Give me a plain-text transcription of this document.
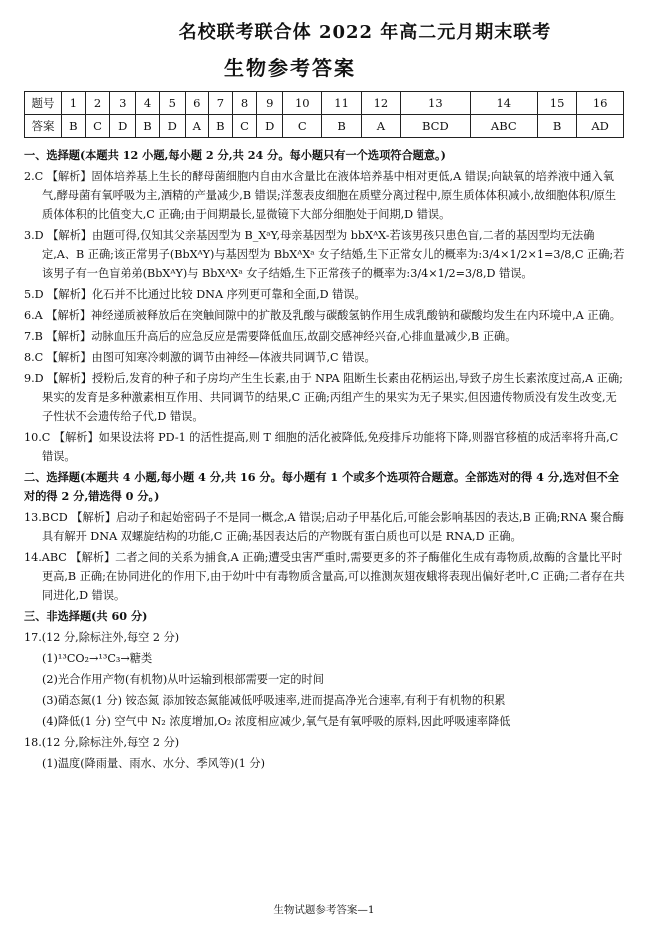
名校联考联合体 2022 年高二元月期末联考
生物参考答案
题号	1	2	3	4	5	6	7	8	9	10	11	12	13	14	15	16
答案	B	C	D	B	D	A	B	C	D	C	B	A	BCD	ABC	B	AD
一、选择题(本题共 12 小题,每小题 2 分,共 24 分。每小题只有一个选项符合题意。)
2.C 【解析】固体培养基上生长的酵母菌细胞内自由水含量比在液体培养基中相对更低,A 错误;向缺氧的培养液中通入氧气,酵母菌有氧呼吸为主,酒精的产量减少,B 错误;洋葱表皮细胞在质壁分离过程中,原生质体体积减小,故细胞体积/原生质体体积的比值变大,C 正确;由于间期最长,显微镜下大部分细胞处于间期,D 错误。
3.D 【解析】由题可得,仅知其父亲基因型为 B_XᵃY,母亲基因型为 bbXᴬX-若该男孩只患色盲,二者的基因型均无法确定,A、B 正确;该正常男子(BbXᴬY)与基因型为 BbXᴬXᵃ 女子结婚,生下正常女儿的概率为:3/4×1/2×1=3/8,C 正确;若该男子有一色盲弟弟(BbXᴬY)与 BbXᴬXᵃ 女子结婚,生下正常孩子的概率为:3/4×1/2=3/8,D 错误。
5.D 【解析】化石并不比通过比较 DNA 序列更可靠和全面,D 错误。
6.A 【解析】神经递质被释放后在突触间隙中的扩散及乳酸与碳酸氢钠作用生成乳酸钠和碳酸均发生在内环境中,A 正确。
7.B 【解析】动脉血压升高后的应急反应是需要降低血压,故副交感神经兴奋,心排血量减少,B 正确。
8.C 【解析】由图可知寒冷刺激的调节由神经—体液共同调节,C 错误。
9.D 【解析】授粉后,发育的种子和子房均产生生长素,由于 NPA 阻断生长素由花柄运出,导致子房生长素浓度过高,A 正确;果实的发育是多种激素相互作用、共同调节的结果,C 正确;丙组产生的果实为无子果实,但因遗传物质没有发生改变,无子性状不会遗传给子代,D 错误。
10.C 【解析】如果设法将 PD-1 的活性提高,则 T 细胞的活化被降低,免疫排斥功能将下降,则器官移植的成活率将升高,C 错误。
二、选择题(本题共 4 小题,每小题 4 分,共 16 分。每小题有 1 个或多个选项符合题意。全部选对的得 4 分,选对但不全对的得 2 分,错选得 0 分。)
13.BCD 【解析】启动子和起始密码子不是同一概念,A 错误;启动子甲基化后,可能会影响基因的表达,B 正确;RNA 聚合酶具有解开 DNA 双螺旋结构的功能,C 正确;基因表达后的产物既有蛋白质也可以是 RNA,D 正确。
14.ABC 【解析】二者之间的关系为捕食,A 正确;遭受虫害严重时,需要更多的芥子酶催化生成有毒物质,故酶的含量比平时更高,B 正确;在协同进化的作用下,由于幼叶中有毒物质含量高,可以推测灰翅夜蛾将表现出偏好老叶,C 正确;二者存在共同进化,D 错误。
三、非选择题(共 60 分)
17.(12 分,除标注外,每空 2 分)
(1)¹³CO₂→¹³C₃→糖类
(2)光合作用产物(有机物)从叶运输到根部需要一定的时间
(3)硝态氮(1 分) 铵态氮 添加铵态氮能减低呼吸速率,进而提高净光合速率,有利于有机物的积累
(4)降低(1 分) 空气中 N₂ 浓度增加,O₂ 浓度相应减少,氧气是有氧呼吸的原料,因此呼吸速率降低
18.(12 分,除标注外,每空 2 分)
(1)温度(降雨量、雨水、水分、季风等)(1 分)
生物试题参考答案—1
